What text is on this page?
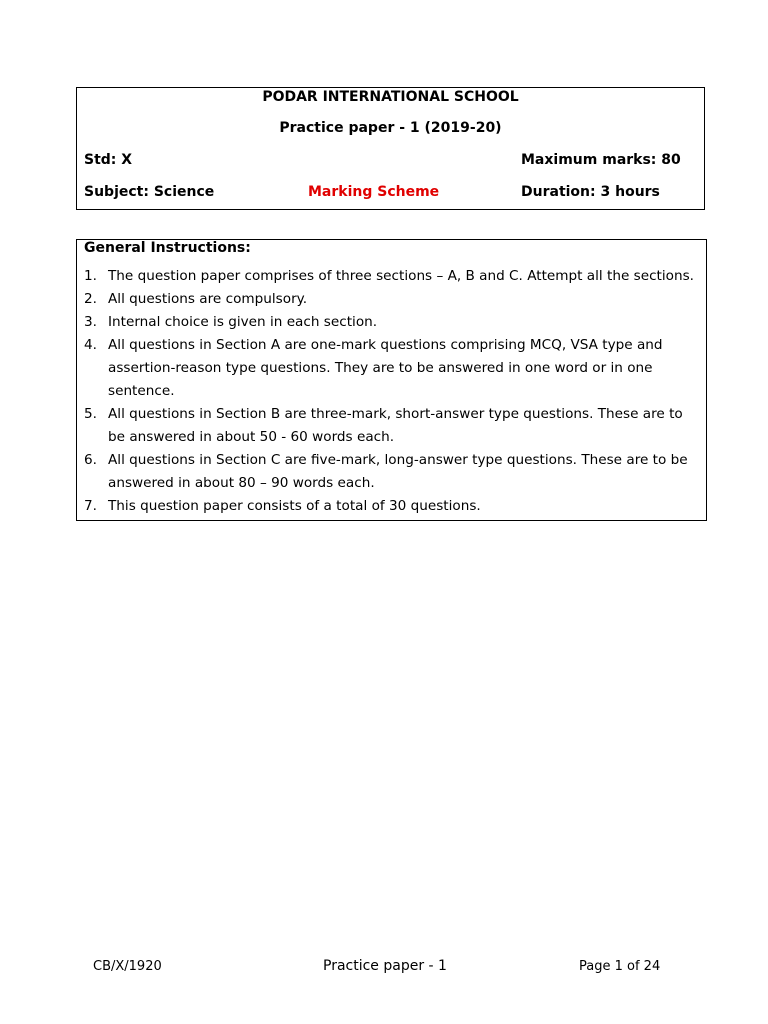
PODAR INTERNATIONAL SCHOOL
Practice paper - 1 (2019-20)
Std: X	Maximum marks: 80
Subject: Science	Marking Scheme	Duration: 3 hours
General Instructions:
1. The question paper comprises of three sections – A, B and C. Attempt all the sections.
2. All questions are compulsory.
3. Internal choice is given in each section.
4. All questions in Section A are one-mark questions comprising MCQ, VSA type and assertion-reason type questions. They are to be answered in one word or in one sentence.
5. All questions in Section B are three-mark, short-answer type questions. These are to be answered in about 50 - 60 words each.
6. All questions in Section C are five-mark, long-answer type questions. These are to be answered in about 80 – 90 words each.
7. This question paper consists of a total of 30 questions.
CB/X/1920	Practice paper - 1	Page 1 of 24
